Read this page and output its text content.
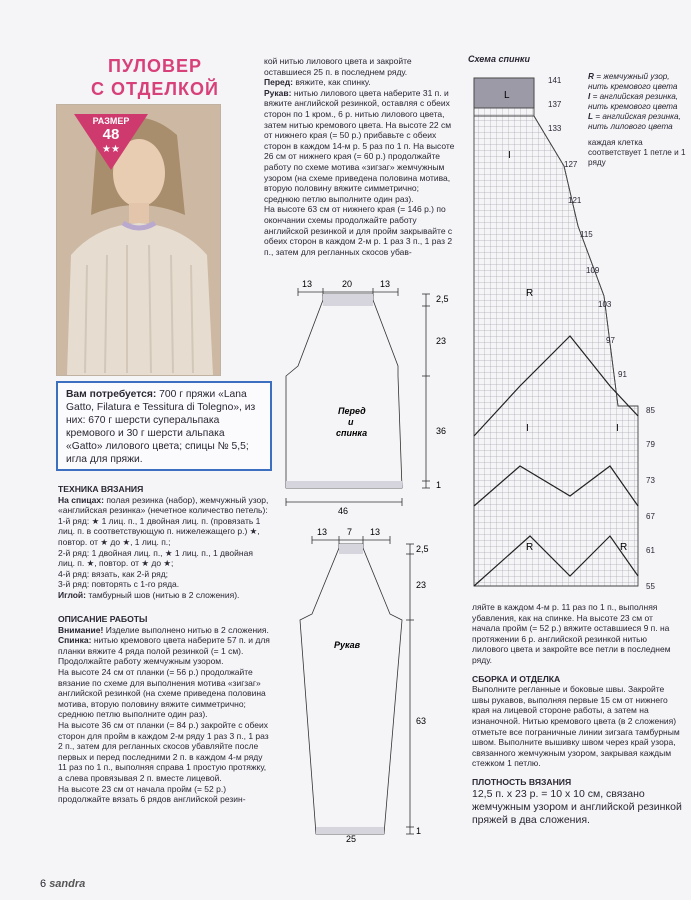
ПУЛОВЕР
С ОТДЕЛКОЙ
РАЗМЕР
48
★★
Вам потребуется: 700 г пряжи «Lana Gatto, Filatura e Tessitura di Tolegno», из них: 670 г шерсти суперальпака кремового и 30 г шерсти альпака «Gatto» лилового цвета; спицы № 5,5; игла для пряжи.
ТЕХНИКА ВЯЗАНИЯ

На спицах: полая резинка (набор), жемчужный узор, «английская резинка» (нечетное количество петель):

1-й ряд: ★ 1 лиц. п., 1 двойная лиц. п. (провязать 1 лиц. п. в соответствующую п. нижележащего р.) ★, повтор. от ★ до ★, 1 лиц. п.;

2-й ряд: 1 двойная лиц. п., ★ 1 лиц. п., 1 двойная лиц. п. ★, повтор. от ★ до ★;

4-й ряд: вязать, как 2-й ряд;

3-й ряд: повторять с 1-го ряда.

Иглой: тамбурный шов (нитью в 2 сложения).

ОПИСАНИЕ РАБОТЫ

Внимание! Изделие выполнено нитью в 2 сложения.

Спинка: нитью кремового цвета наберите 57 п. и для планки вяжите 4 ряда полой резинкой (= 1 см). Продолжайте работу жемчужным узором.

На высоте 24 см от планки (= 56 р.) продолжайте вязание по схеме для выполнения мотива «зигзаг» английской резинкой (на схеме приведена половина мотива, вторую половину вяжите симметрично; среднюю петлю выполните один раз).

На высоте 36 см от планки (= 84 р.) закройте с обеих сторон для пройм в каждом 2-м ряду 1 раз 3 п., 1 раз 2 п., затем для регланных скосов убавляйте после первых и перед последними 2 п. в каждом 4-м ряду 11 раз по 1 п., выполняя справа 1 простую протяжку, а слева провязывая 2 п. вместе лицевой.

На высоте 23 см от начала пройм (= 52 р.) продолжайте вязать 6 рядов английской резин-

кой нитью лилового цвета и закройте оставшиеся 25 п. в последнем ряду.

Перед: вяжите, как спинку.

Рукав: нитью лилового цвета наберите 31 п. и вяжите английской резинкой, оставляя с обеих сторон по 1 кром., 6 р. нитью лилового цвета, затем нитью кремового цвета. На высоте 22 см от нижнего края (= 50 р.) прибавьте с обеих сторон в каждом 14-м р. 5 раз по 1 п. На высоте 26 см от нижнего края (= 60 р.) продолжайте работу по схеме мотива «зигзаг» жемчужным узором (на схеме приведена половина мотива, вторую половину вяжите симметрично; среднюю петлю выполните один раз).

На высоте 63 см от нижнего края (= 146 р.) по окончании схемы продолжайте работу английской резинкой и для пройм закрывайте с обеих сторон в каждом 2-м р. 1 раз 3 п., 1 раз 2 п., затем для регланных скосов убав-

13	20	13
2,5
23
36
1
Перед
и
спинка
46
13 7 13
2,5
23
63
1
Рукав
25
Схема спинки
L
I
R
I	I
R	R
141
137
133
127
121
115
109
103
97
91
85
79
73
67
61
55
R = жемчужный узор, нить кремового цвета
I = английская резинка, нить кремового цвета
L = английская резинка, нить лилового цвета
каждая клетка соответствует 1 петле и 1 ряду

ляйте в каждом 4-м р. 11 раз по 1 п., выполняя убавления, как на спинке. На высоте 23 см от начала пройм (= 52 р.) вяжите оставшиеся 9 п. на протяжении 6 р. английской резинкой нитью лилового цвета и закройте все петли в последнем ряду.

СБОРКА И ОТДЕЛКА

Выполните регланные и боковые швы. Закройте швы рукавов, выполняя первые 15 см от нижнего края на лицевой стороне работы, а затем на изнаночной. Нитью кремового цвета (в 2 сложения) отметьте все пограничные линии зигзага тамбурным швом. Выполните вышивку швом через край узора, связанного жемчужным узором, закрывая каждым стежком 1 петлю.

ПЛОТНОСТЬ ВЯЗАНИЯ

12,5 п. х 23 р. = 10 х 10 см, связано жемчужным узором и английской резинкой пряжей в два сложения.

6 sandra
